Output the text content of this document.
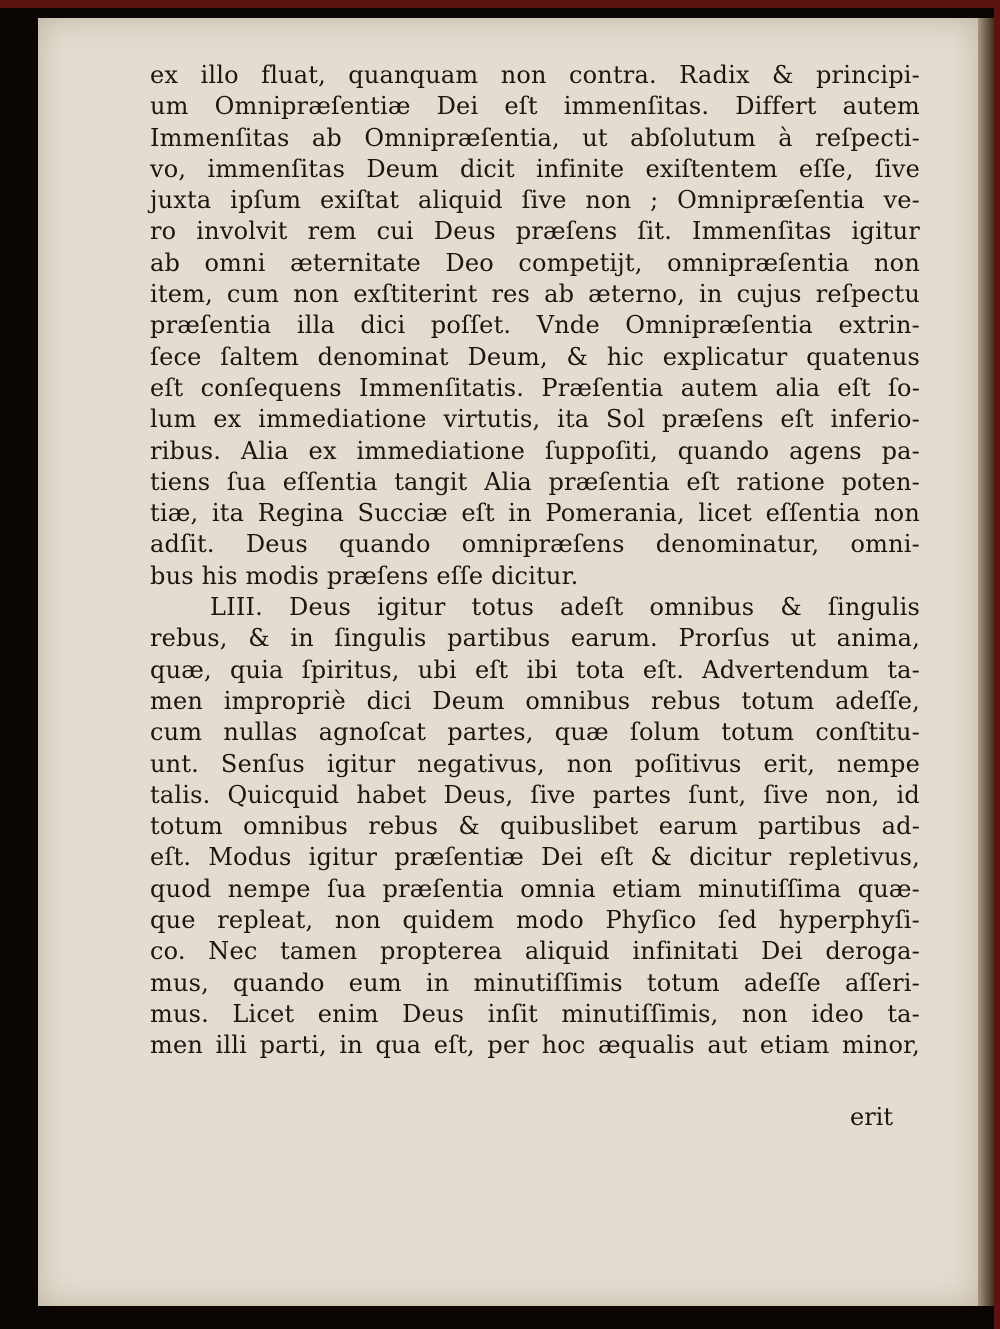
ex illo fluat, quanquam non contra. Radix & principi-
um Omnipræſentiæ Dei eſt immenſitas. Differt autem
Immenſitas ab Omnipræſentia, ut abſolutum à reſpecti-
vo, immenſitas Deum dicit infinite exiſtentem eſſe, ſive
juxta ipſum exiſtat aliquid ſive non ; Omnipræſentia ve-
ro involvit rem cui Deus præſens ſit. Immenſitas igitur
ab omni æternitate Deo competijt, omnipræſentia non
item, cum non exſtiterint res ab æterno, in cujus reſpectu
præſentia illa dici poſſet. Vnde Omnipræſentia extrin-
ſece ſaltem denominat Deum, & hic explicatur quatenus
eſt conſequens Immenſitatis. Præſentia autem alia eſt ſo-
lum ex immediatione virtutis, ita Sol præſens eſt inferio-
ribus. Alia ex immediatione ſuppoſiti, quando agens pa-
tiens ſua eſſentia tangit Alia præſentia eſt ratione poten-
tiæ, ita Regina Succiæ eſt in Pomerania, licet eſſentia non
adſit. Deus quando omnipræſens denominatur, omni-
bus his modis præſens eſſe dicitur.
LIII. Deus igitur totus adeſt omnibus & ſingulis
rebus, & in ſingulis partibus earum. Prorſus ut anima,
quæ, quia ſpiritus, ubi eſt ibi tota eſt. Advertendum ta-
men impropriè dici Deum omnibus rebus totum adeſſe,
cum nullas agnoſcat partes, quæ ſolum totum conſtitu-
unt. Senſus igitur negativus, non poſitivus erit, nempe
talis. Quicquid habet Deus, ſive partes ſunt, ſive non, id
totum omnibus rebus & quibuslibet earum partibus ad-
eſt. Modus igitur præſentiæ Dei eſt & dicitur repletivus,
quod nempe ſua præſentia omnia etiam minutiſſima quæ-
que repleat, non quidem modo Phyſico ſed hyperphyſi-
co. Nec tamen propterea aliquid infinitati Dei deroga-
mus, quando eum in minutiſſimis totum adeſſe aſſeri-
mus. Licet enim Deus inſit minutiſſimis, non ideo ta-
men illi parti, in qua eſt, per hoc æqualis aut etiam minor,
erit
